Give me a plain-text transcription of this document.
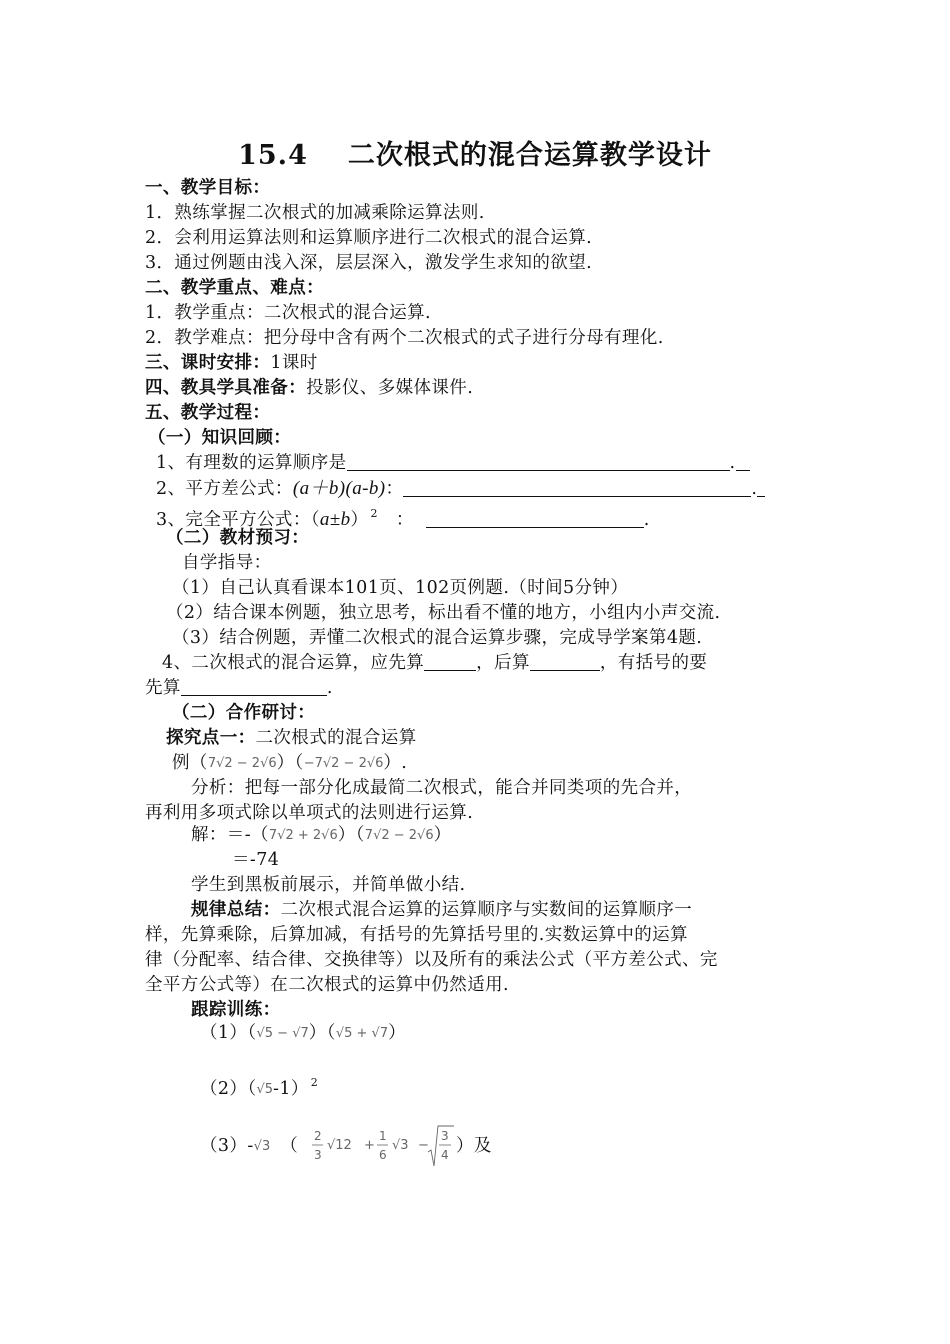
15.4 二次根式的混合运算教学设计
一、教学目标：
1．熟练掌握二次根式的加减乘除运算法则.
2．会利用运算法则和运算顺序进行二次根式的混合运算.
3．通过例题由浅入深，层层深入，激发学生求知的欲望.
二、教学重点、难点：
1．教学重点：二次根式的混合运算.
2．教学难点：把分母中含有两个二次根式的式子进行分母有理化.
三、课时安排：1课时
四、教具学具准备：投影仪、多媒体课件.
五、教学过程：
（一）知识回顾：
1、有理数的运算顺序是	.
2、平方差公式：(a＋b)(a-b)：	.
3、完全平方公式：（a±b） $^2$ ：	.
（二）教材预习：
自学指导：
（1）自己认真看课本101页、102页例题.（时间5分钟）
（2）结合课本例题，独立思考，标出看不懂的地方，小组内小声交流.
（3）结合例题，弄懂二次根式的混合运算步骤，完成导学案第4题.
4、二次根式的混合运算，应先算	，后算	，有括号的要
先算	.
（二）合作研讨：
探究点一：二次根式的混合运算
例（7√2 − 2√6）（−7√2 − 2√6）.
分析：把每一部分化成最简二次根式，能合并同类项的先合并，
再利用多项式除以单项式的法则进行运算.
解：＝-（7√2 + 2√6）（7√2 − 2√6）
＝-74
学生到黑板前展示，并简单做小结.
规律总结：二次根式混合运算的运算顺序与实数间的运算顺序一
样，先算乘除，后算加减，有括号的先算括号里的.实数运算中的运算
律（分配率、结合律、交换律等）以及所有的乘法公式（平方差公式、完
全平方公式等）在二次根式的运算中仍然适用.
跟踪训练：
（1）（√5 − √7）（√5 + √7）
（2）（√5-1） $^2$
（3）-√3 （ 2
3
√12 +
1
6
√3 −
3
4 ）及
